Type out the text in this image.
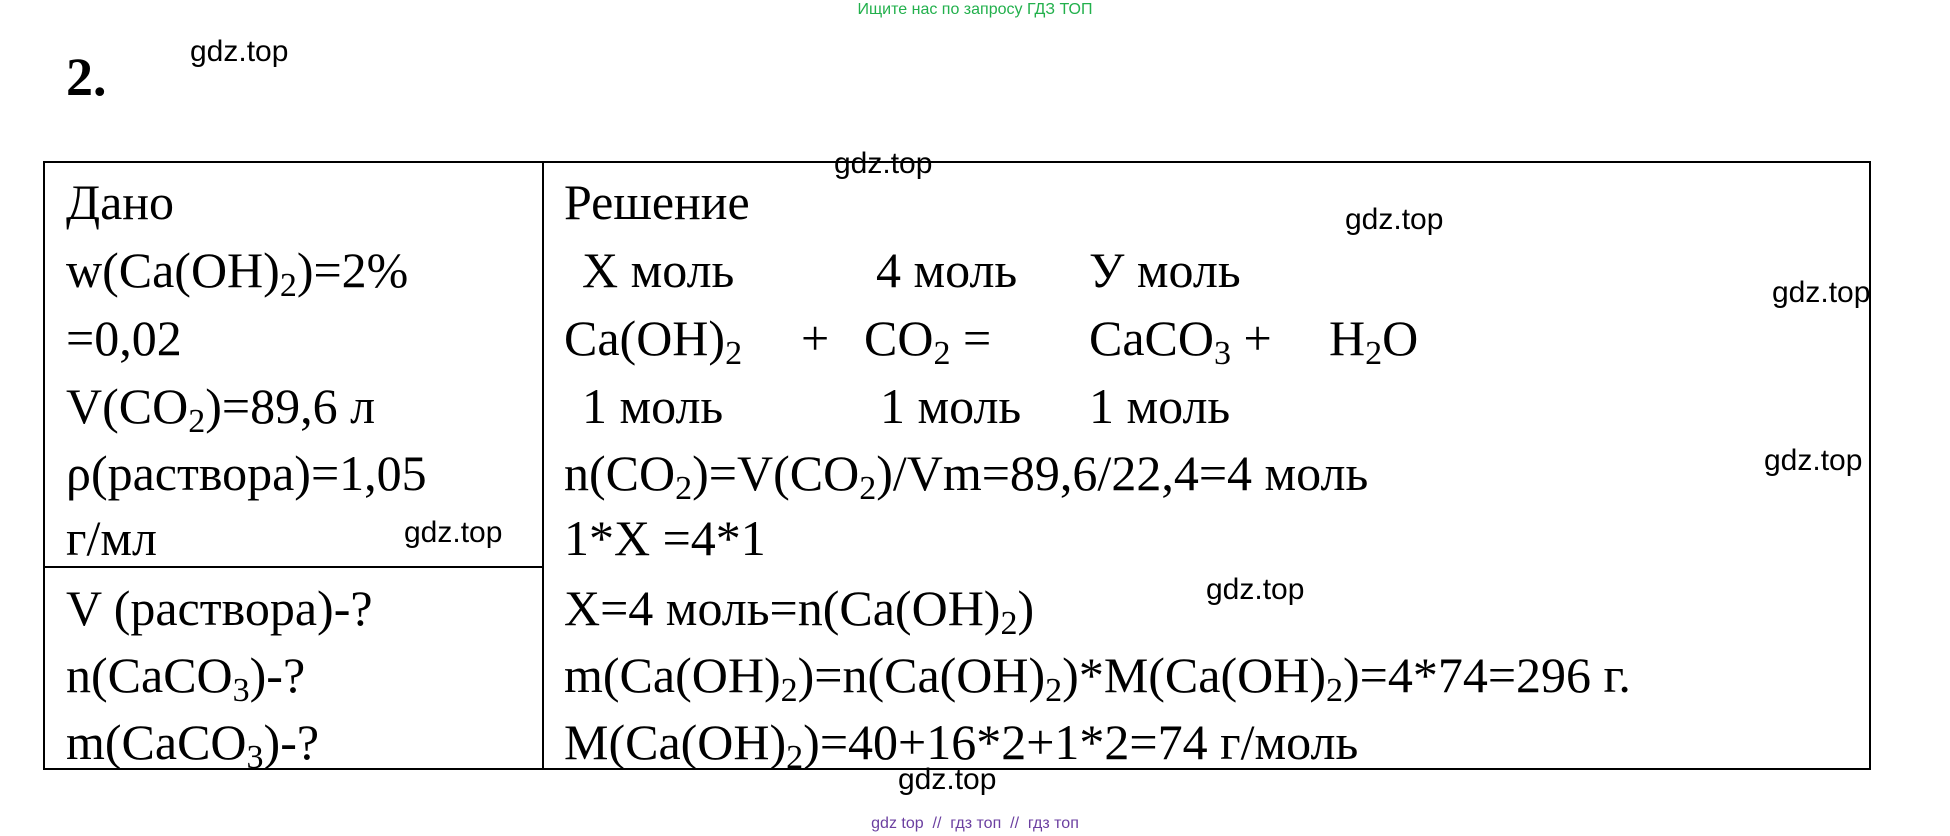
Ищите нас по запросу ГДЗ ТОП
2.	gdz.top
gdz.top
gdz.top
gdz.top
gdz.top
gdz.top
gdz.top
gdz.top
Дано
$w(Ca(OH)_2)=2\%$
=0,02
$V(CO_2)=89,6$ л
ρ(раствора)=1,05
г/мл
V (раствора)-?
n(CaCO$_3$)-?
m(CaCO$_3$)-?
Решение
X моль	4 моль У моль
$Ca(OH)_2 + CO_2$ = CaCO$_3$ + $H_2O$
1 моль	1 моль 1 моль
$n(CO_2)=V(CO_2)/Vm=89,6/22,4=4$ моль
1*X =4*1
X=4 $моль=n(Ca(OH)_2)$
$m(Ca(OH)_2)=n(Ca(OH)_2)*M(Ca(OH)_2)=4*74=296$ г.
$M(Ca(OH)_2)=40+16*2+1*2=74$ г/моль
gdz top  //  гдз топ  //  гдз топ
